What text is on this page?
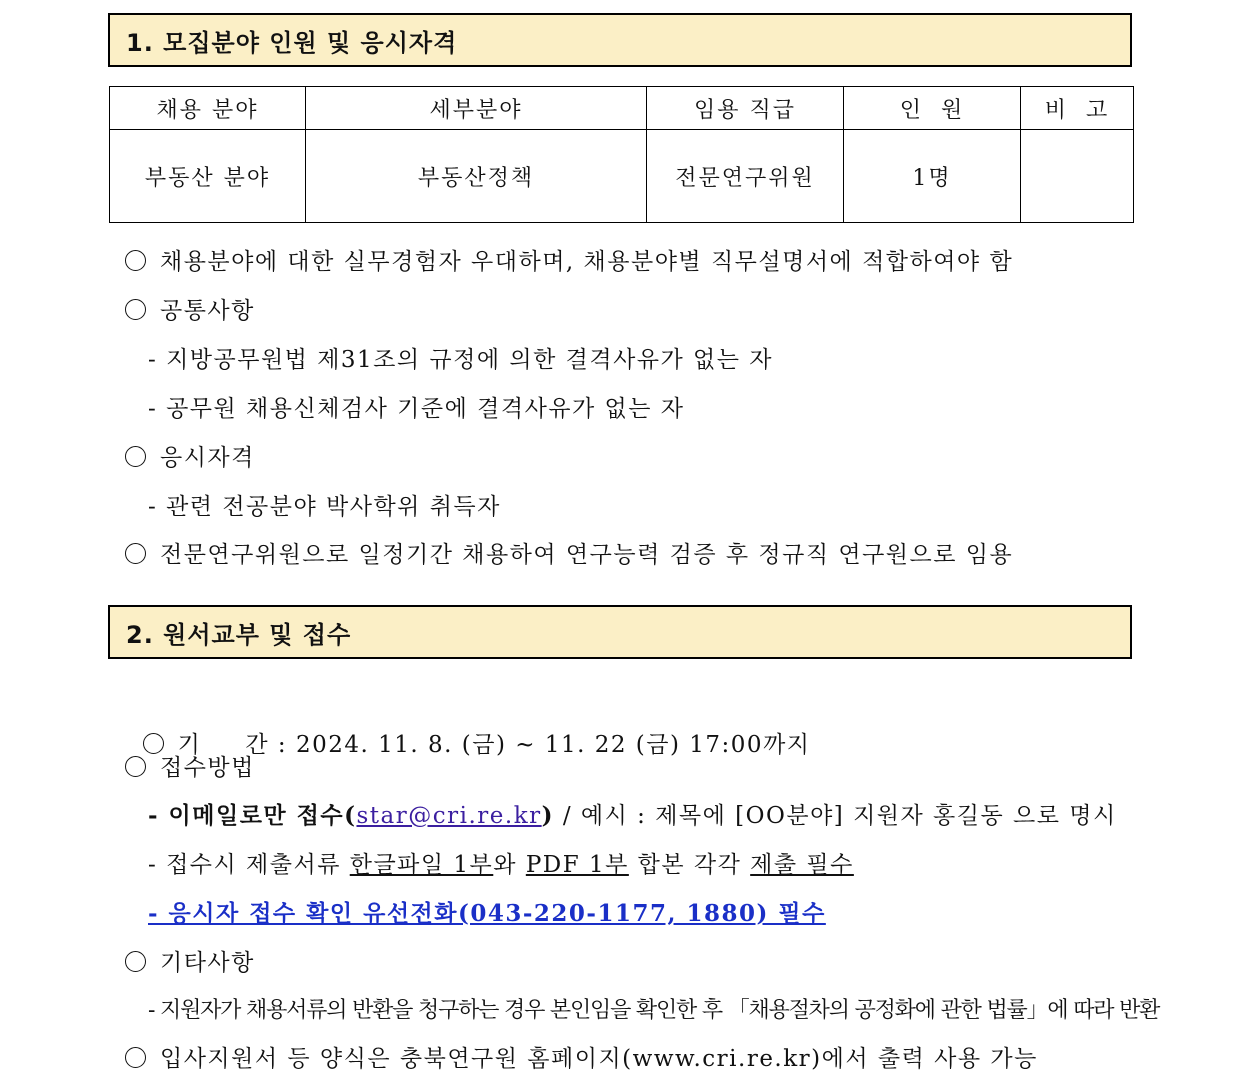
1. 모집분야 인원 및 응시자격
채용 분야	세부분야	임용 직급	인  원	비  고
부동산 분야	부동산정책	전문연구위원	1명	
채용분야에 대한 실무경험자 우대하며, 채용분야별 직무설명서에 적합하여야 함
공통사항
- 지방공무원법 제31조의 규정에 의한 결격사유가 없는 자
- 공무원 채용신체검사 기준에 결격사유가 없는 자
응시자격
- 관련 전공분야 박사학위 취득자
전문연구위원으로 일정기간 채용하여 연구능력 검증 후 정규직 연구원으로 임용
2. 원서교부 및 접수

기     간 : 2024. 11. 8. (금) ~ 11. 22 (금) 17:00까지

접수방법
- 이메일로만 접수(star@cri.re.kr) / 예시 : 제목에 [OO분야] 지원자 홍길동 으로 명시
- 접수시 제출서류 한글파일 1부와 PDF 1부 합본 각각 제출 필수
- 응시자 접수 확인 유선전화(043-220-1177, 1880) 필수
기타사항
- 지원자가 채용서류의 반환을 청구하는 경우 본인임을 확인한 후 「채용절차의 공정화에 관한 법률」에 따라 반환
입사지원서 등 양식은 충북연구원 홈페이지(www.cri.re.kr)에서 출력 사용 가능
